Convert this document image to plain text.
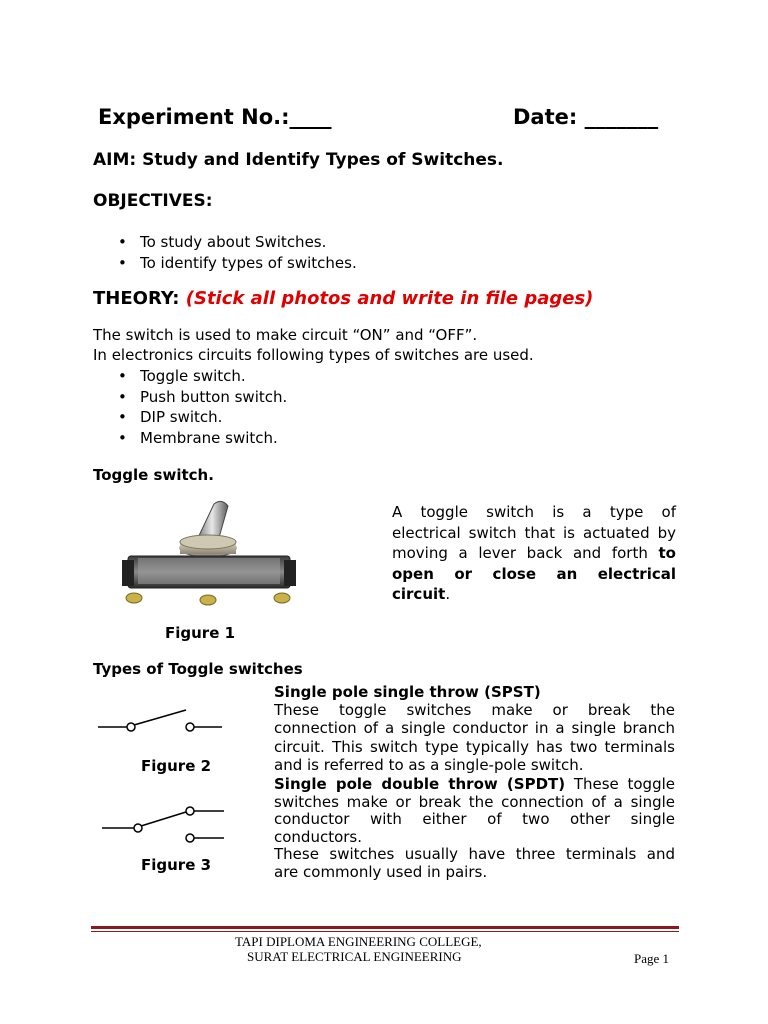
Experiment No.:____	Date: _______
AIM: Study and Identify Types of Switches.
OBJECTIVES:
• To study about Switches.
• To identify types of switches.
THEORY: (Stick all photos and write in file pages)
The switch is used to make circuit “ON” and “OFF”.
In electronics circuits following types of switches are used.
• Toggle switch.
• Push button switch.
• DIP switch.
• Membrane switch.
Toggle switch.
Figure 1
A toggle switch is a type of
electrical switch that is actuated by
moving a lever back and forth to
open or close an electrical
circuit.
Types of Toggle switches
Figure 2
Single pole single throw (SPST)
These toggle switches make or break the
connection of a single conductor in a single branch
circuit. This switch type typically has two terminals
and is referred to as a single-pole switch.
Figure 3
Single pole double throw (SPDT) These toggle
switches make or break the connection of a single
conductor with either of two other single
conductors.
These switches usually have three terminals and
are commonly used in pairs.
TAPI DIPLOMA ENGINEERING COLLEGE,
SURAT ELECTRICAL ENGINEERING	Page 1
